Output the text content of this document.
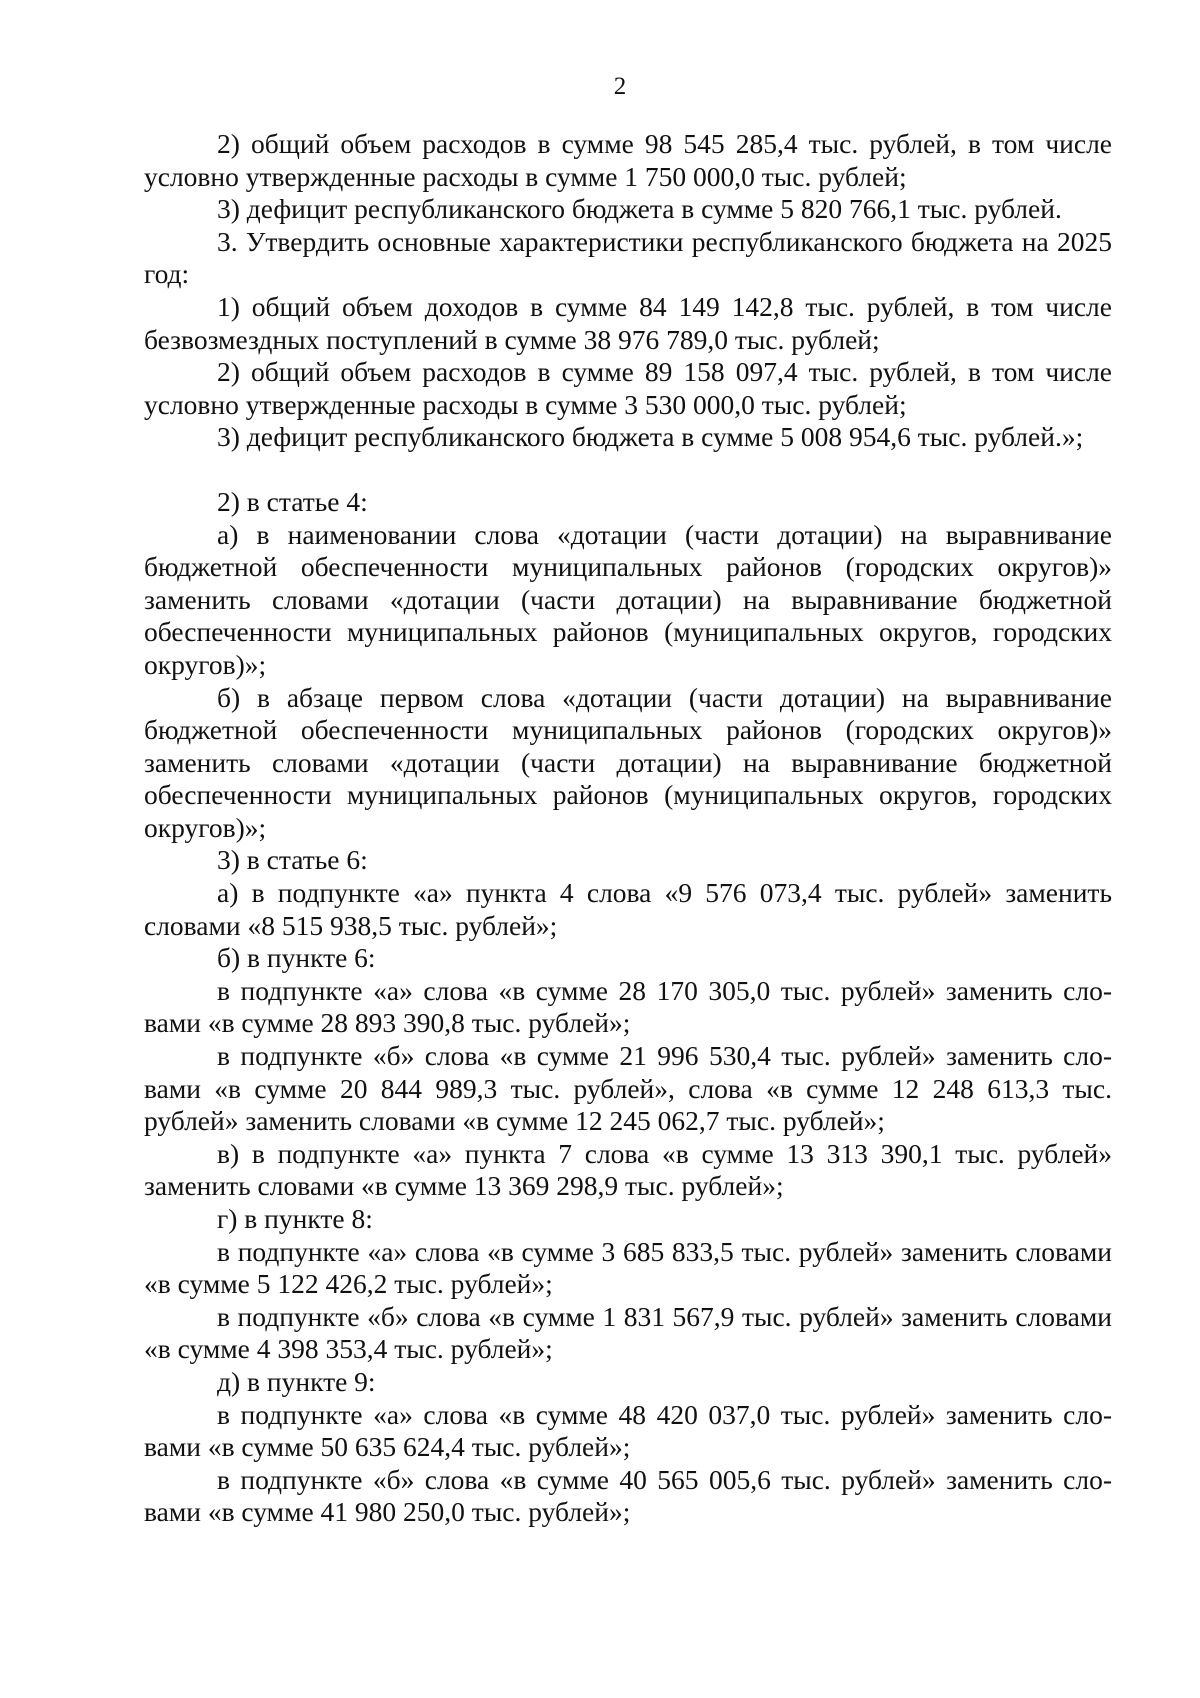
2

2) общий объем расходов в сумме 98 545 285,4 тыс. рублей, в том числе условно утвержденные расходы в сумме 1 750 000,0 тыс. рублей;

3) дефицит республиканского бюджета в сумме 5 820 766,1 тыс. рублей.

3. Утвердить основные характеристики республиканского бюджета на 2025 год:

1) общий объем доходов в сумме 84 149 142,8 тыс. рублей, в том числе безвозмездных поступлений в сумме 38 976 789,0 тыс. рублей;

2) общий объем расходов в сумме 89 158 097,4 тыс. рублей, в том числе условно утвержденные расходы в сумме 3 530 000,0 тыс. рублей;

3) дефицит республиканского бюджета в сумме 5 008 954,6 тыс. рублей.»;

2) в статье 4:

а) в наименовании слова «дотации (части дотации) на выравнивание бюджетной обеспеченности муниципальных районов (городских округов)» заменить словами «дотации (части дотации) на выравнивание бюджетной обеспеченности муниципальных районов (муниципальных округов, городских округов)»;

б) в абзаце первом слова «дотации (части дотации) на выравнивание бюджетной обеспеченности муниципальных районов (городских округов)» заменить словами «дотации (части дотации) на выравнивание бюджетной обеспеченности муниципальных районов (муниципальных округов, городских округов)»;

3) в статье 6:

а) в подпункте «а» пункта 4 слова «9 576 073,4 тыс. рублей» заменить словами «8 515 938,5 тыс. рублей»;

б) в пункте 6:

в подпункте «а» слова «в сумме 28 170 305,0 тыс. рублей» заменить словами «в сумме 28 893 390,8 тыс. рублей»;

в подпункте «б» слова «в сумме 21 996 530,4 тыс. рублей» заменить словами «в сумме 20 844 989,3 тыс. рублей», слова «в сумме 12 248 613,3 тыс. рублей» заменить словами «в сумме 12 245 062,7 тыс. рублей»;

в) в подпункте «а» пункта 7 слова «в сумме 13 313 390,1 тыс. рублей» заменить словами «в сумме 13 369 298,9 тыс. рублей»;

г) в пункте 8:

в подпункте «а» слова «в сумме 3 685 833,5 тыс. рублей» заменить словами «в сумме 5 122 426,2 тыс. рублей»;

в подпункте «б» слова «в сумме 1 831 567,9 тыс. рублей» заменить словами «в сумме 4 398 353,4 тыс. рублей»;

д) в пункте 9:

в подпункте «а» слова «в сумме 48 420 037,0 тыс. рублей» заменить словами «в сумме 50 635 624,4 тыс. рублей»;

в подпункте «б» слова «в сумме 40 565 005,6 тыс. рублей» заменить словами «в сумме 41 980 250,0 тыс. рублей»;
